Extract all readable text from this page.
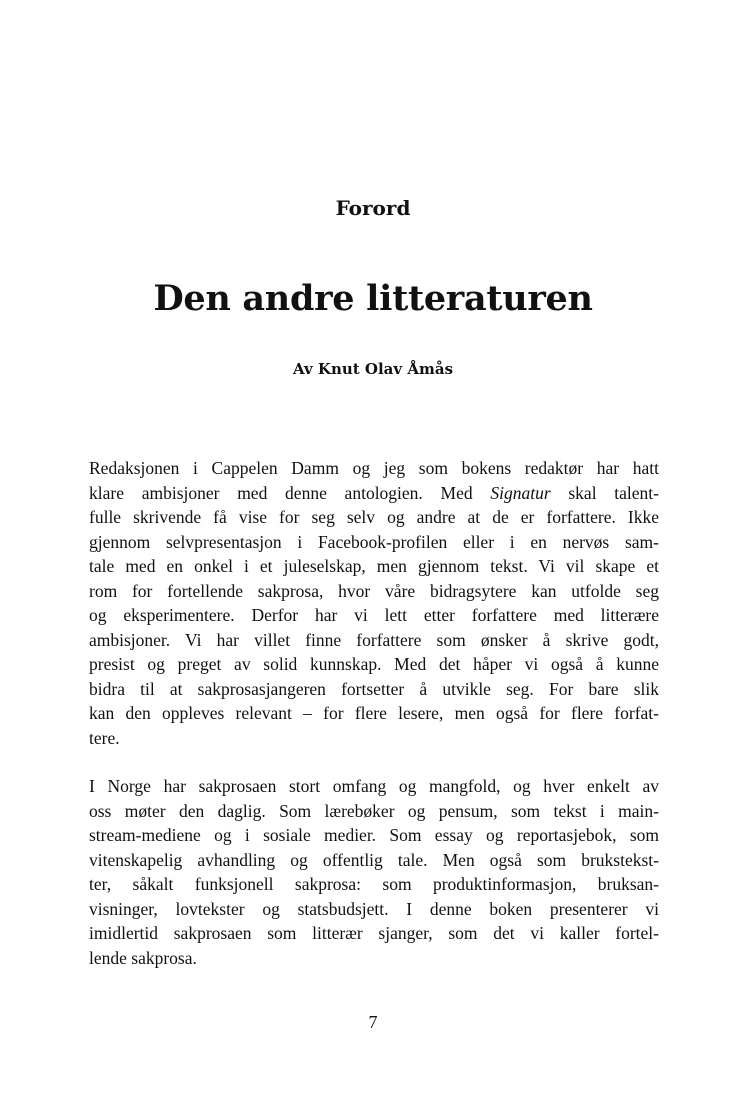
Forord
Den andre litteraturen
Av Knut Olav Åmås
Redaksjonen i Cappelen Damm og jeg som bokens redaktør har hatt
klare ambisjoner med denne antologien. Med Signatur skal talent-
fulle skrivende få vise for seg selv og andre at de er forfattere. Ikke
gjennom selvpresentasjon i Facebook-profilen eller i en nervøs sam-
tale med en onkel i et juleselskap, men gjennom tekst. Vi vil skape et
rom for fortellende sakprosa, hvor våre bidragsytere kan utfolde seg
og eksperimentere. Derfor har vi lett etter forfattere med litterære
ambisjoner. Vi har villet finne forfattere som ønsker å skrive godt,
presist og preget av solid kunnskap. Med det håper vi også å kunne
bidra til at sakprosasjangeren fortsetter å utvikle seg. For bare slik
kan den oppleves relevant – for flere lesere, men også for flere forfat-
tere.
I Norge har sakprosaen stort omfang og mangfold, og hver enkelt av
oss møter den daglig. Som lærebøker og pensum, som tekst i main-
stream-mediene og i sosiale medier. Som essay og reportasjebok, som
vitenskapelig avhandling og offentlig tale. Men også som brukstekst-
ter, såkalt funksjonell sakprosa: som produktinformasjon, bruksan-
visninger, lovtekster og statsbudsjett. I denne boken presenterer vi
imidlertid sakprosaen som litterær sjanger, som det vi kaller fortel-
lende sakprosa.
7
